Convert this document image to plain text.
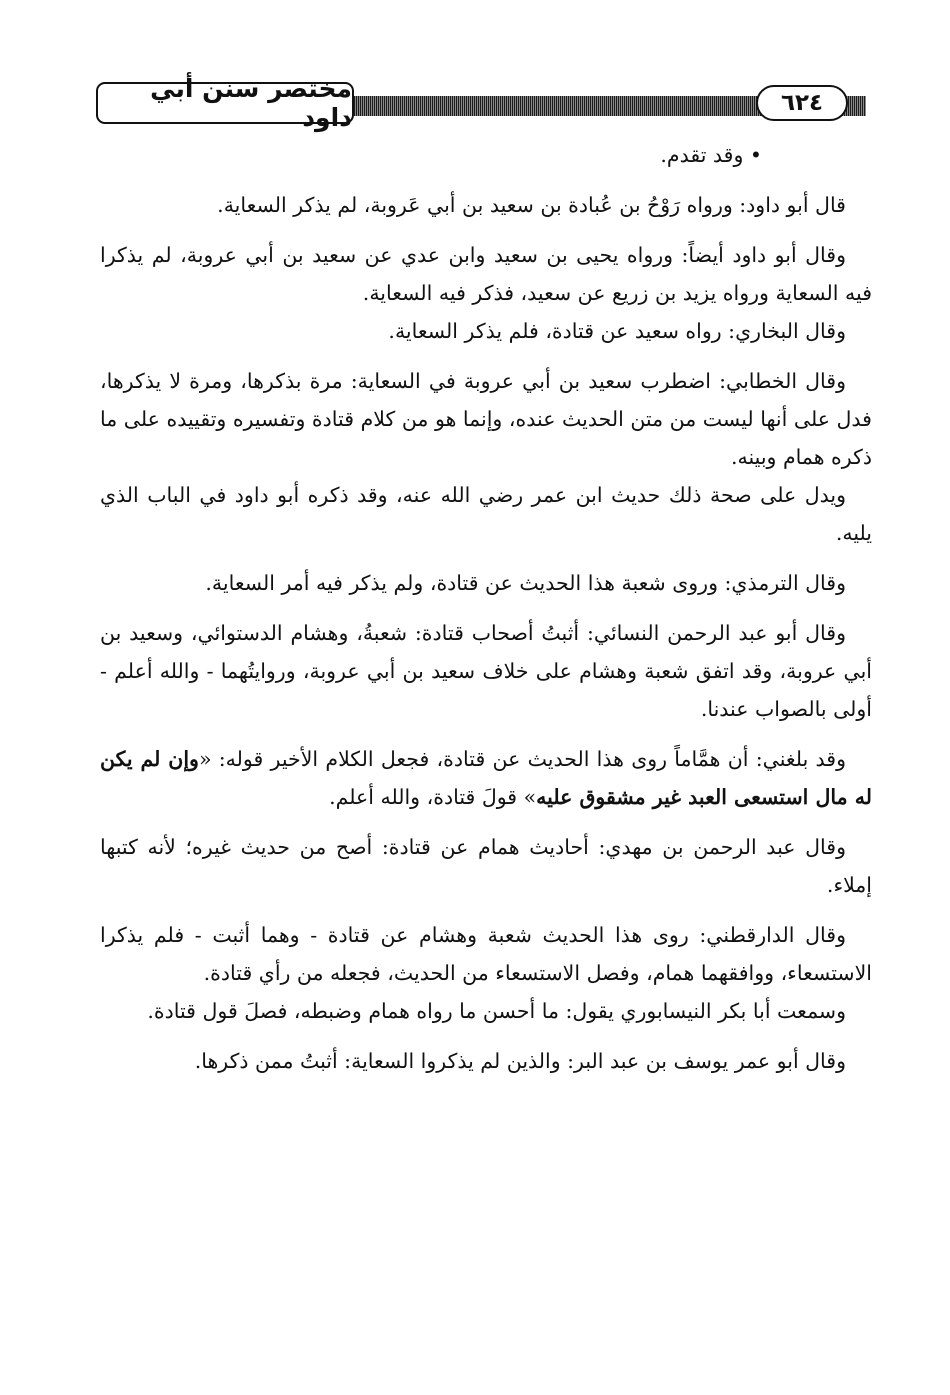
٦٢٤
مختصر سنن أبي داود

• وقد تقدم.

قال أبو داود: ورواه رَوْحُ بن عُبادة بن سعيد بن أبي عَروبة، لم يذكر السعاية.

وقال أبو داود أيضاً: ورواه يحيى بن سعيد وابن عدي عن سعيد بن أبي عروبة، لم يذكرا فيه السعاية ورواه يزيد بن زريع عن سعيد، فذكر فيه السعاية.

وقال البخاري: رواه سعيد عن قتادة، فلم يذكر السعاية.

وقال الخطابي: اضطرب سعيد بن أبي عروبة في السعاية: مرة بذكرها، ومرة لا يذكرها، فدل على أنها ليست من متن الحديث عنده، وإنما هو من كلام قتادة وتفسيره وتقييده على ما ذكره همام وبينه.

ويدل على صحة ذلك حديث ابن عمر رضي الله عنه، وقد ذكره أبو داود في الباب الذي يليه.

وقال الترمذي: وروى شعبة هذا الحديث عن قتادة، ولم يذكر فيه أمر السعاية.

وقال أبو عبد الرحمن النسائي: أثبتُ أصحاب قتادة: شعبةُ، وهشام الدستوائي، وسعيد بن أبي عروبة، وقد اتفق شعبة وهشام على خلاف سعيد بن أبي عروبة، وروايتُهما - والله أعلم - أولى بالصواب عندنا.

وقد بلغني: أن همَّاماً روى هذا الحديث عن قتادة، فجعل الكلام الأخير قوله: «وإن لم يكن له مال استسعى العبد غير مشقوق عليه» قولَ قتادة، والله أعلم.

وقال عبد الرحمن بن مهدي: أحاديث همام عن قتادة: أصح من حديث غيره؛ لأنه كتبها إملاء.

وقال الدارقطني: روى هذا الحديث شعبة وهشام عن قتادة - وهما أثبت - فلم يذكرا الاستسعاء، ووافقهما همام، وفصل الاستسعاء من الحديث، فجعله من رأي قتادة.

وسمعت أبا بكر النيسابوري يقول: ما أحسن ما رواه همام وضبطه، فصلَ قول قتادة.

وقال أبو عمر يوسف بن عبد البر: والذين لم يذكروا السعاية: أثبتُ ممن ذكرها.
